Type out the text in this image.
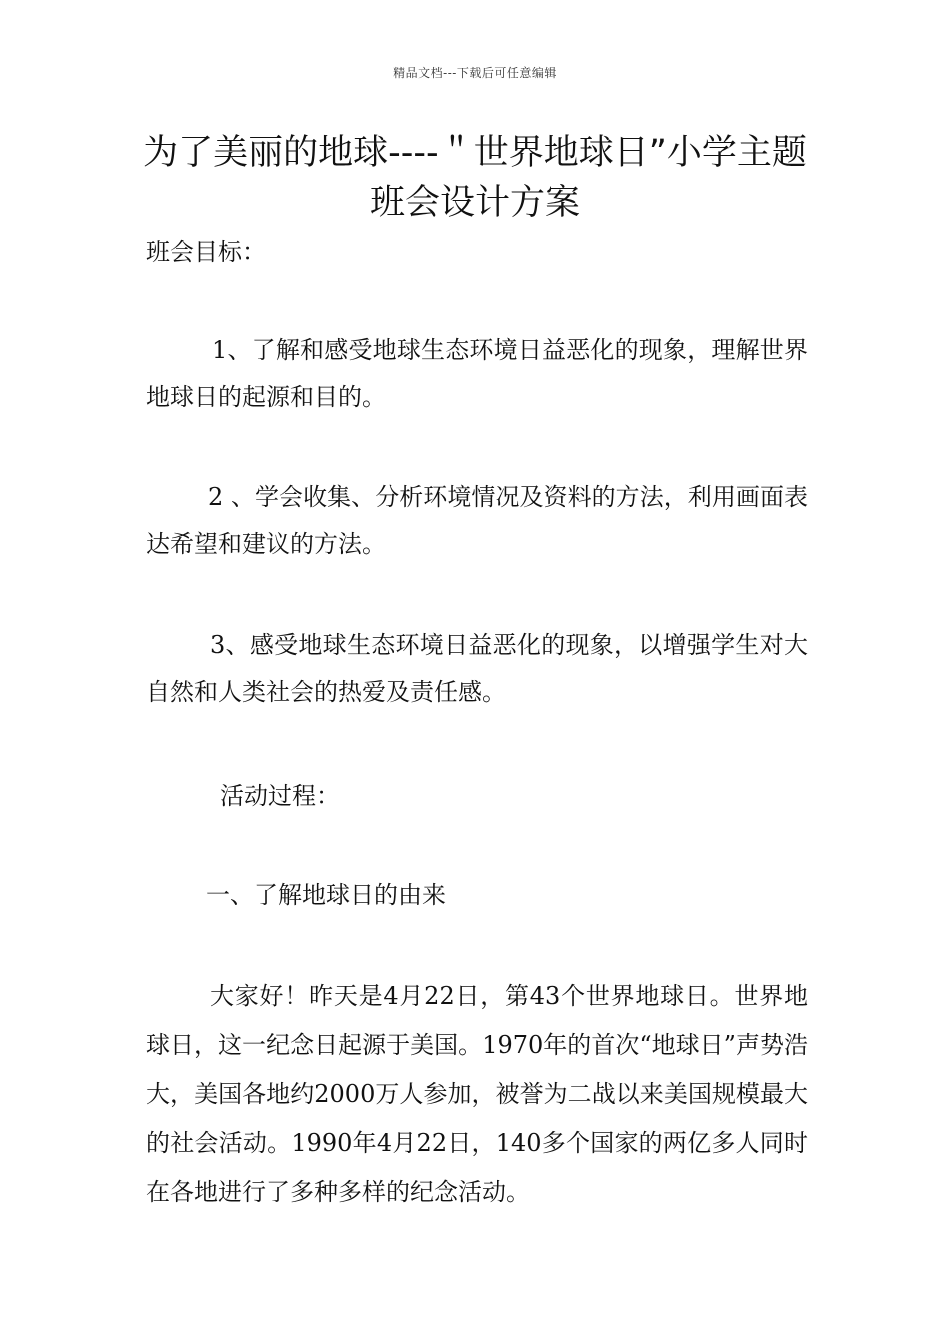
精品文档---下载后可任意编辑
为了美丽的地球----＂世界地球日”小学主题班会设计方案

班会目标：

1、了解和感受地球生态环境日益恶化的现象，理解世界地球日的起源和目的。

2 、学会收集、分析环境情况及资料的方法，利用画面表达希望和建议的方法。

3、感受地球生态环境日益恶化的现象，以增强学生对大自然和人类社会的热爱及责任感。

活动过程：

一、了解地球日的由来

大家好！昨天是4月22日，第43个世界地球日。世界地球日，这一纪念日起源于美国。1970年的首次“地球日”声势浩大，美国各地约2000万人参加，被誉为二战以来美国规模最大的社会活动。1990年4月22日，140多个国家的两亿多人同时在各地进行了多种多样的纪念活动。
